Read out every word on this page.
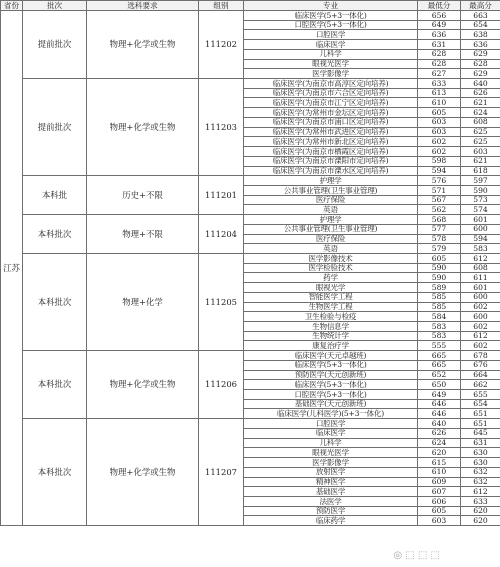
省份	批次	选科要求	组别	专业	最低分	最高分
江苏	提前批次	物理+化学或生物	111202	临床医学(5+3一体化)	656	663
				口腔医学(5+3一体化)	649	654
				口腔医学	636	638
				临床医学	631	636
				儿科学	628	629
				眼视光医学	628	628
				医学影像学	627	629
	提前批次	物理+化学或生物	111203	临床医学(为南京市高淳区定向培养)	633	640
				临床医学(为南京市六合区定向培养)	613	626
				临床医学(为南京市江宁区定向培养)	610	621
				临床医学(为常州市金坛区定向培养)	605	624
				临床医学(为南京市浦口区定向培养)	603	608
				临床医学(为常州市武进区定向培养)	603	625
				临床医学(为常州市新北区定向培养)	602	625
				临床医学(为南京市栖霞区定向培养)	602	603
				临床医学(为南京市溧阳市定向培养)	598	621
				临床医学(为南京市溧水区定向培养)	594	618
	本科批	历史+不限	111201	护理学	576	597
				公共事业管理(卫生事业管理)	571	590
				医疗保险	567	573
				英语	562	574
	本科批次	物理+不限	111204	护理学	568	601
				公共事业管理(卫生事业管理)	577	600
				医疗保险	578	594
				英语	579	583
	本科批次	物理+化学	111205	医学影像技术	605	612
				医学检验技术	590	608
				药学	590	611
				眼视光学	589	601
				智能医学工程	585	600
				生物医学工程	585	602
				卫生检验与检疫	584	600
				生物信息学	583	602
				生物统计学	583	612
				康复治疗学	555	602
	本科批次	物理+化学或生物	111206	临床医学(天元卓越班)	665	678
				临床医学(5+3一体化)	665	676
				预防医学(天元创新班)	652	664
				临床医学(5+3一体化)	650	662
				口腔医学(5+3一体化)	649	655
				基础医学(天元创新班)	646	654
				临床医学(儿科医学)(5+3一体化)	646	651
	本科批次	物理+化学或生物	111207	口腔医学	640	651
				临床医学	626	645
				儿科学	624	631
				眼视光医学	620	630
				医学影像学	615	630
				放射医学	610	632
				精神医学	609	632
				基础医学	607	612
				法医学	606	633
				预防医学	605	620
				临床药学	603	620
◎ ⬚ ⬚ ⬚
